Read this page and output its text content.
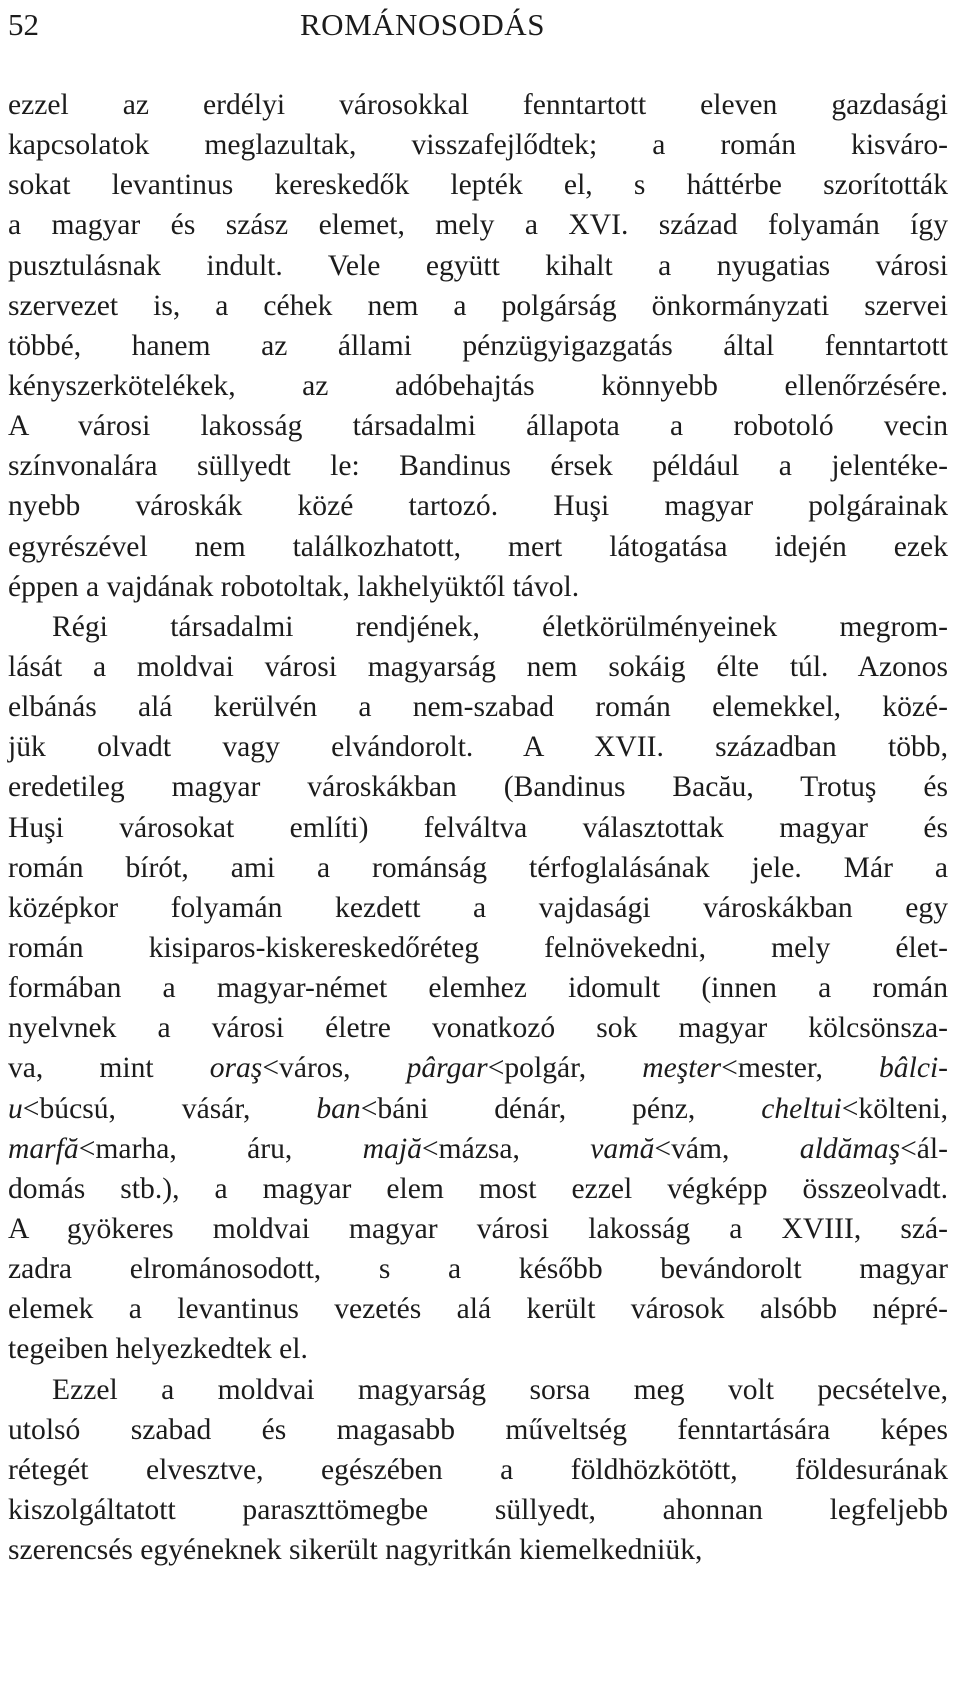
52	ROMÁNOSODÁS
ezzel az erdélyi városokkal fenntartott eleven gazdasági
kapcsolatok meglazultak, visszafejlődtek; a román kisváro-
sokat levantinus kereskedők lepték el, s háttérbe szorították
a magyar és szász elemet, mely a XVI. század folyamán így
pusztulásnak indult. Vele együtt kihalt a nyugatias városi
szervezet is, a céhek nem a polgárság önkormányzati szervei
többé, hanem az állami pénzügyigazgatás által fenntartott
kényszerkötelékek, az adóbehajtás könnyebb ellenőrzésére.
A városi lakosság társadalmi állapota a robotoló vecin
színvonalára süllyedt le: Bandinus érsek például a jelentéke-
nyebb városkák közé tartozó. Huşi magyar polgárainak
egyrészével nem találkozhatott, mert látogatása idején ezek
éppen a vajdának robotoltak, lakhelyüktől távol.
Régi társadalmi rendjének, életkörülményeinek megrom-
lását a moldvai városi magyarság nem sokáig élte túl. Azonos
elbánás alá kerülvén a nem-szabad román elemekkel, közé-
jük olvadt vagy elvándorolt. A XVII. században több,
eredetileg magyar városkákban (Bandinus Bacău, Trotuş és
Huşi városokat említi) felváltva választottak magyar és
román bírót, ami a románság térfoglalásának jele. Már a
középkor folyamán kezdett a vajdasági városkákban egy
román kisiparos-kiskereskedőréteg felnövekedni, mely élet-
formában a magyar-német elemhez idomult (innen a román
nyelvnek a városi életre vonatkozó sok magyar kölcsönsza-
va, mint oraş<város, pârgar<polgár, meşter<mester, bâlci-
u<búcsú, vásár, ban<báni dénár, pénz, cheltui<költeni,
marfă<marha, áru, majă<mázsa, vamă<vám, aldămaş<ál-
domás stb.), a magyar elem most ezzel végképp összeolvadt.
A gyökeres moldvai magyar városi lakosság a XVIII, szá-
zadra elrománosodott, s a később bevándorolt magyar
elemek a levantinus vezetés alá került városok alsóbb népré-
tegeiben helyezkedtek el.
Ezzel a moldvai magyarság sorsa meg volt pecsételve,
utolsó szabad és magasabb műveltség fenntartására képes
rétegét elvesztve, egészében a földhözkötött, földesurának
kiszolgáltatott paraszttömegbe süllyedt, ahonnan legfeljebb
szerencsés egyéneknek sikerült nagyritkán kiemelkedniük,
